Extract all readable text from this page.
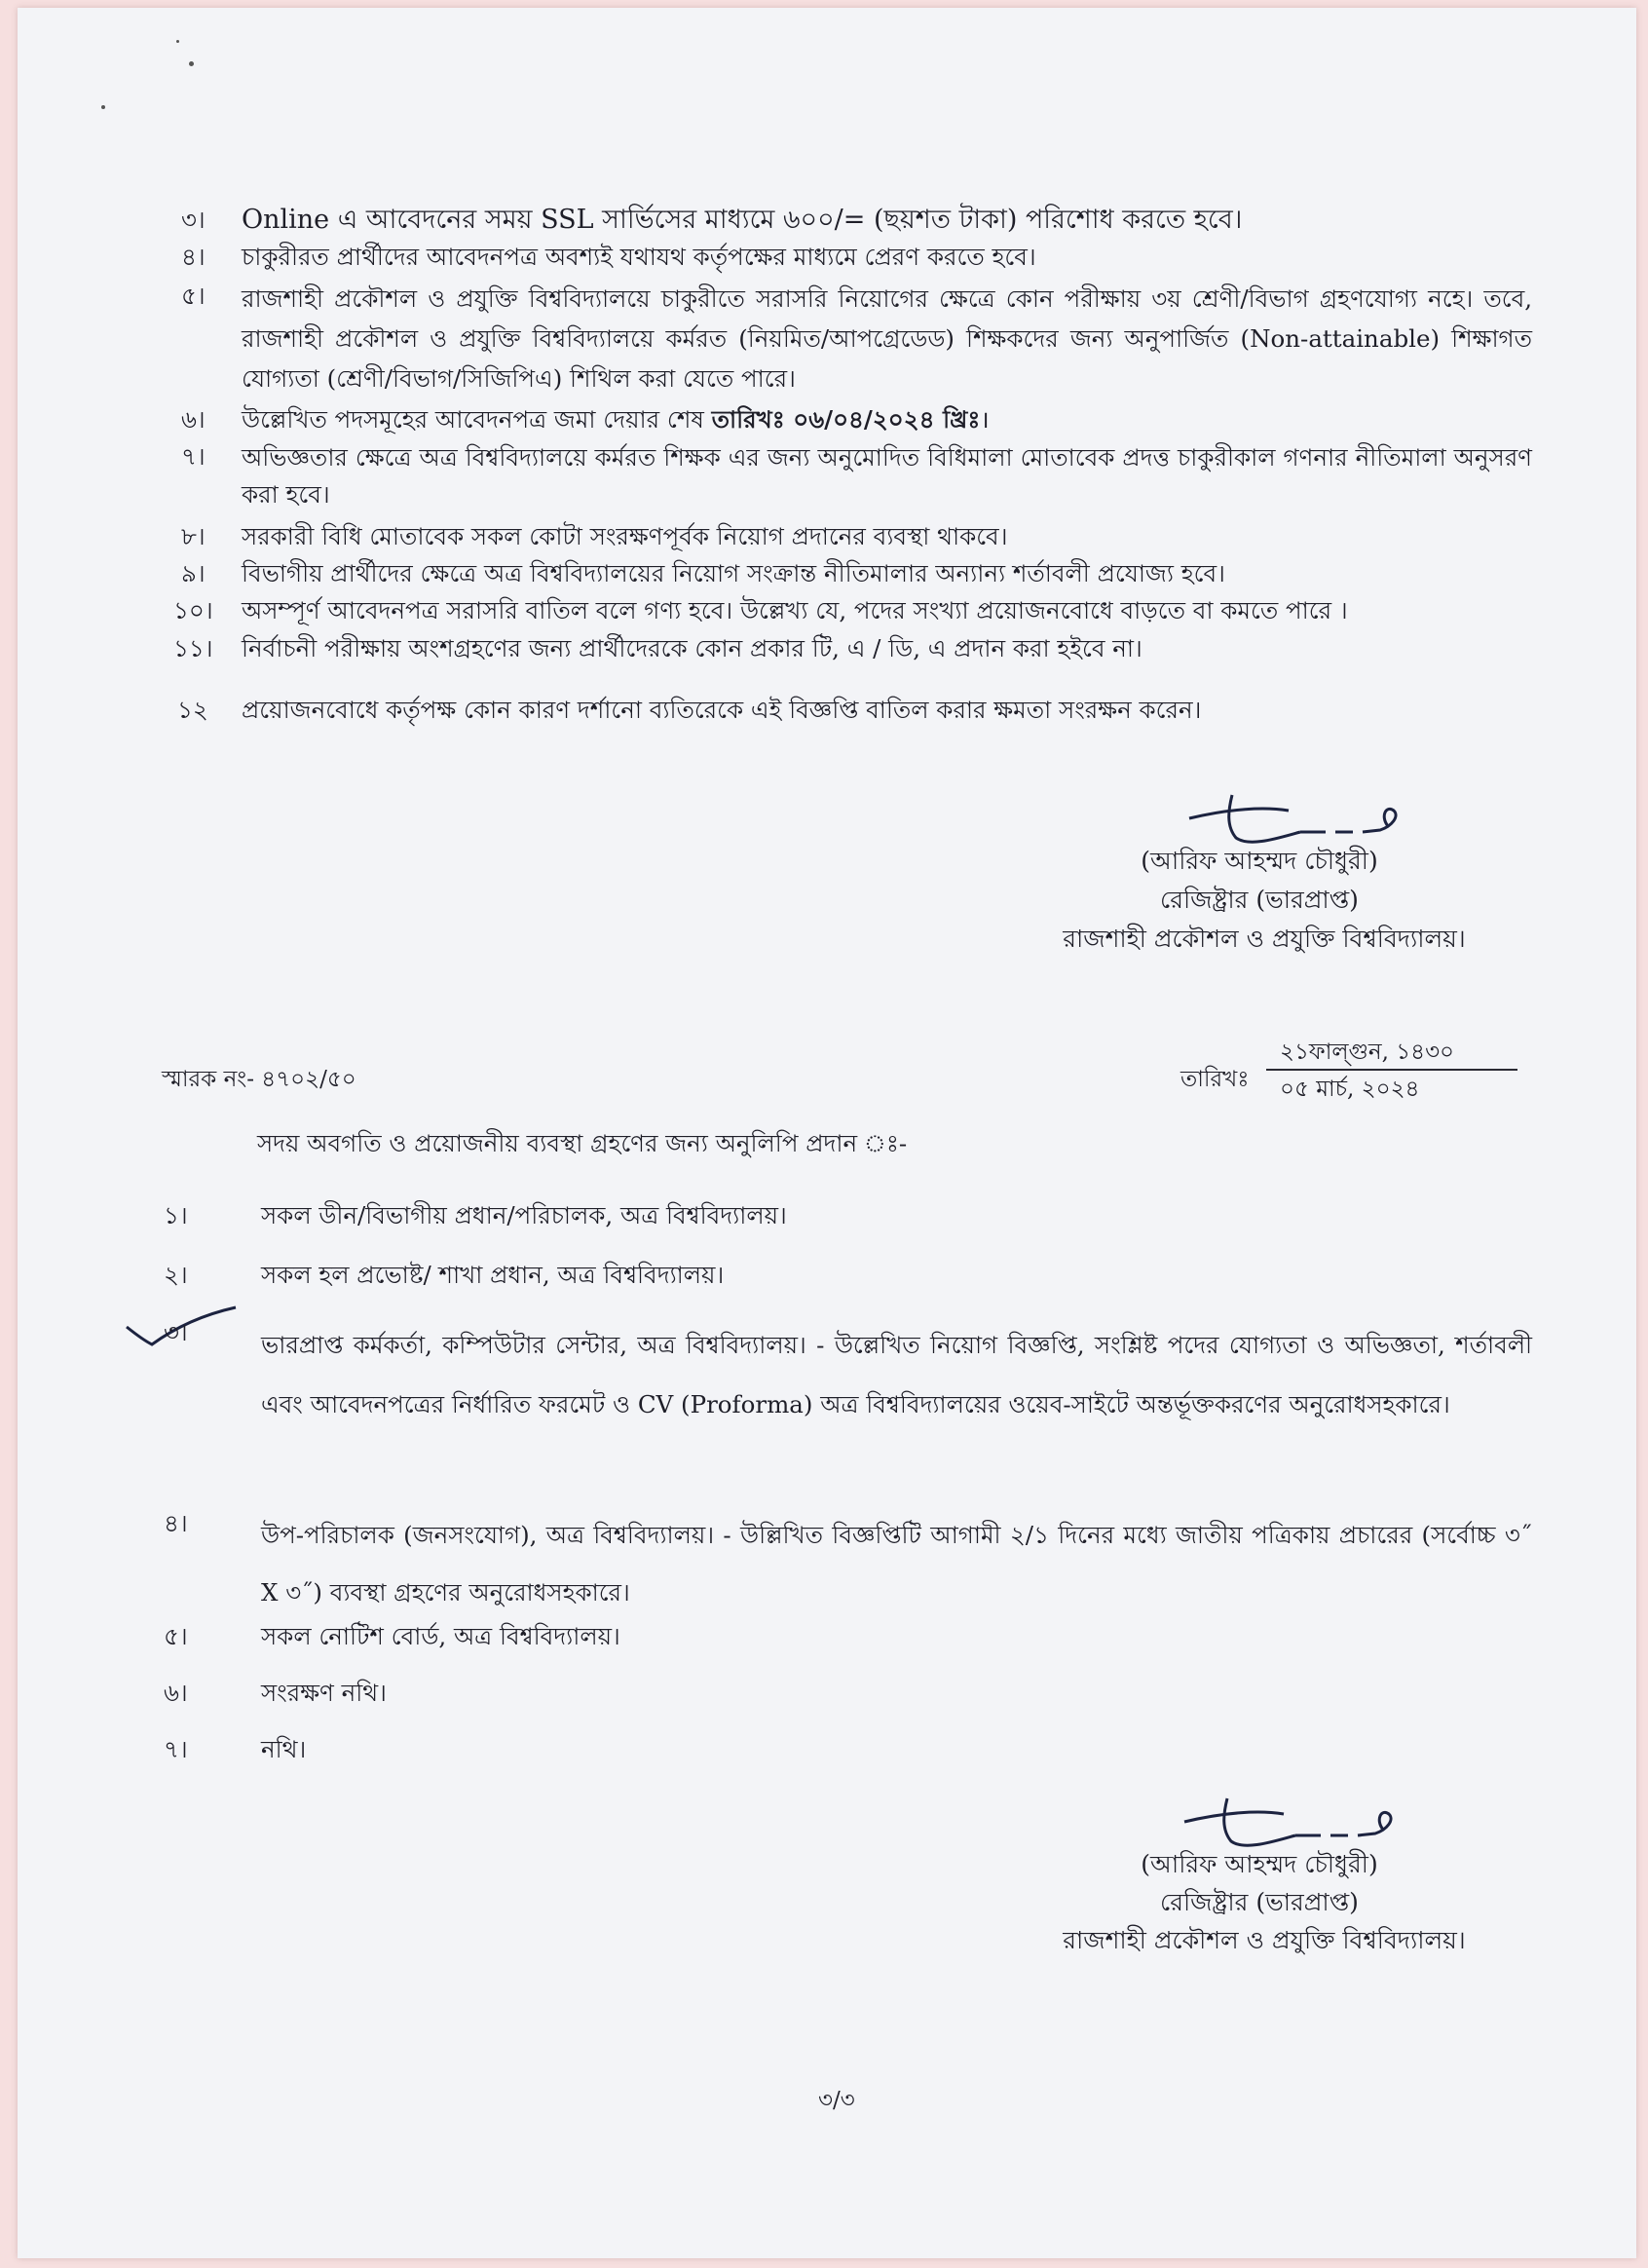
৩। Online এ আবেদনের সময় SSL সার্ভিসের মাধ্যমে ৬০০/= (ছয়শত টাকা) পরিশোধ করতে হবে।
৪। চাকুরীরত প্রার্থীদের আবেদনপত্র অবশ্যই যথাযথ কর্তৃপক্ষের মাধ্যমে প্রেরণ করতে হবে।
৫। রাজশাহী প্রকৌশল ও প্রযুক্তি বিশ্ববিদ্যালয়ে চাকুরীতে সরাসরি নিয়োগের ক্ষেত্রে কোন পরীক্ষায় ৩য় শ্রেণী/বিভাগ গ্রহণযোগ্য নহে। তবে, রাজশাহী প্রকৌশল ও প্রযুক্তি বিশ্ববিদ্যালয়ে কর্মরত (নিয়মিত/আপগ্রেডেড) শিক্ষকদের জন্য অনুপার্জিত (Non-attainable) শিক্ষাগত যোগ্যতা (শ্রেণী/বিভাগ/সিজিপিএ) শিথিল করা যেতে পারে।
৬। উল্লেখিত পদসমূহের আবেদনপত্র জমা দেয়ার শেষ তারিখঃ ০৬/০৪/২০২৪ খ্রিঃ।
৭। অভিজ্ঞতার ক্ষেত্রে অত্র বিশ্ববিদ্যালয়ে কর্মরত শিক্ষক এর জন্য অনুমোদিত বিধিমালা মোতাবেক প্রদত্ত চাকুরীকাল গণনার নীতিমালা অনুসরণ করা হবে।
৮। সরকারী বিধি মোতাবেক সকল কোটা সংরক্ষণপূর্বক নিয়োগ প্রদানের ব্যবস্থা থাকবে।
৯। বিভাগীয় প্রার্থীদের ক্ষেত্রে অত্র বিশ্ববিদ্যালয়ের নিয়োগ সংক্রান্ত নীতিমালার অন্যান্য শর্তাবলী প্রযোজ্য হবে।
১০। অসম্পূর্ণ আবেদনপত্র সরাসরি বাতিল বলে গণ্য হবে। উল্লেখ্য যে, পদের সংখ্যা প্রয়োজনবোধে বাড়তে বা কমতে পারে ।
১১। নির্বাচনী পরীক্ষায় অংশগ্রহণের জন্য প্রার্থীদেরকে কোন প্রকার টি, এ / ডি, এ প্রদান করা হইবে না।
১২ প্রয়োজনবোধে কর্তৃপক্ষ কোন কারণ দর্শানো ব্যতিরেকে এই বিজ্ঞপ্তি বাতিল করার ক্ষমতা সংরক্ষন করেন।
(আরিফ আহম্মদ চৌধুরী)
রেজিষ্ট্রার (ভারপ্রাপ্ত)
রাজশাহী প্রকৌশল ও প্রযুক্তি বিশ্ববিদ্যালয়।
স্মারক নং- ৪৭০২/৫০	তারিখঃ
২১ফাল্গুন, ১৪৩০
০৫ মার্চ, ২০২৪
সদয় অবগতি ও প্রয়োজনীয় ব্যবস্থা গ্রহণের জন্য অনুলিপি প্রদান ঃ-
১।	সকল ডীন/বিভাগীয় প্রধান/পরিচালক, অত্র বিশ্ববিদ্যালয়।
২।	সকল হল প্রভোষ্ট/ শাখা প্রধান, অত্র বিশ্ববিদ্যালয়।
৩।	ভারপ্রাপ্ত কর্মকর্তা, কম্পিউটার সেন্টার, অত্র বিশ্ববিদ্যালয়। - উল্লেখিত নিয়োগ বিজ্ঞপ্তি, সংশ্লিষ্ট পদের যোগ্যতা ও অভিজ্ঞতা, শর্তাবলী এবং আবেদনপত্রের নির্ধারিত ফরমেট ও CV (Proforma) অত্র বিশ্ববিদ্যালয়ের ওয়েব-সাইটে অন্তর্ভূক্তকরণের অনুরোধসহকারে।
৪।	উপ-পরিচালক (জনসংযোগ), অত্র বিশ্ববিদ্যালয়। - উল্লিখিত বিজ্ঞপ্তিটি আগামী ২/১ দিনের মধ্যে জাতীয় পত্রিকায় প্রচারের (সর্বোচ্চ ৩˝ X ৩˝) ব্যবস্থা গ্রহণের অনুরোধসহকারে।
৫।	সকল নোটিশ বোর্ড, অত্র বিশ্ববিদ্যালয়।
৬।	সংরক্ষণ নথি।
৭।	নথি।
(আরিফ আহম্মদ চৌধুরী)
রেজিষ্ট্রার (ভারপ্রাপ্ত)
রাজশাহী প্রকৌশল ও প্রযুক্তি বিশ্ববিদ্যালয়।
৩/৩
